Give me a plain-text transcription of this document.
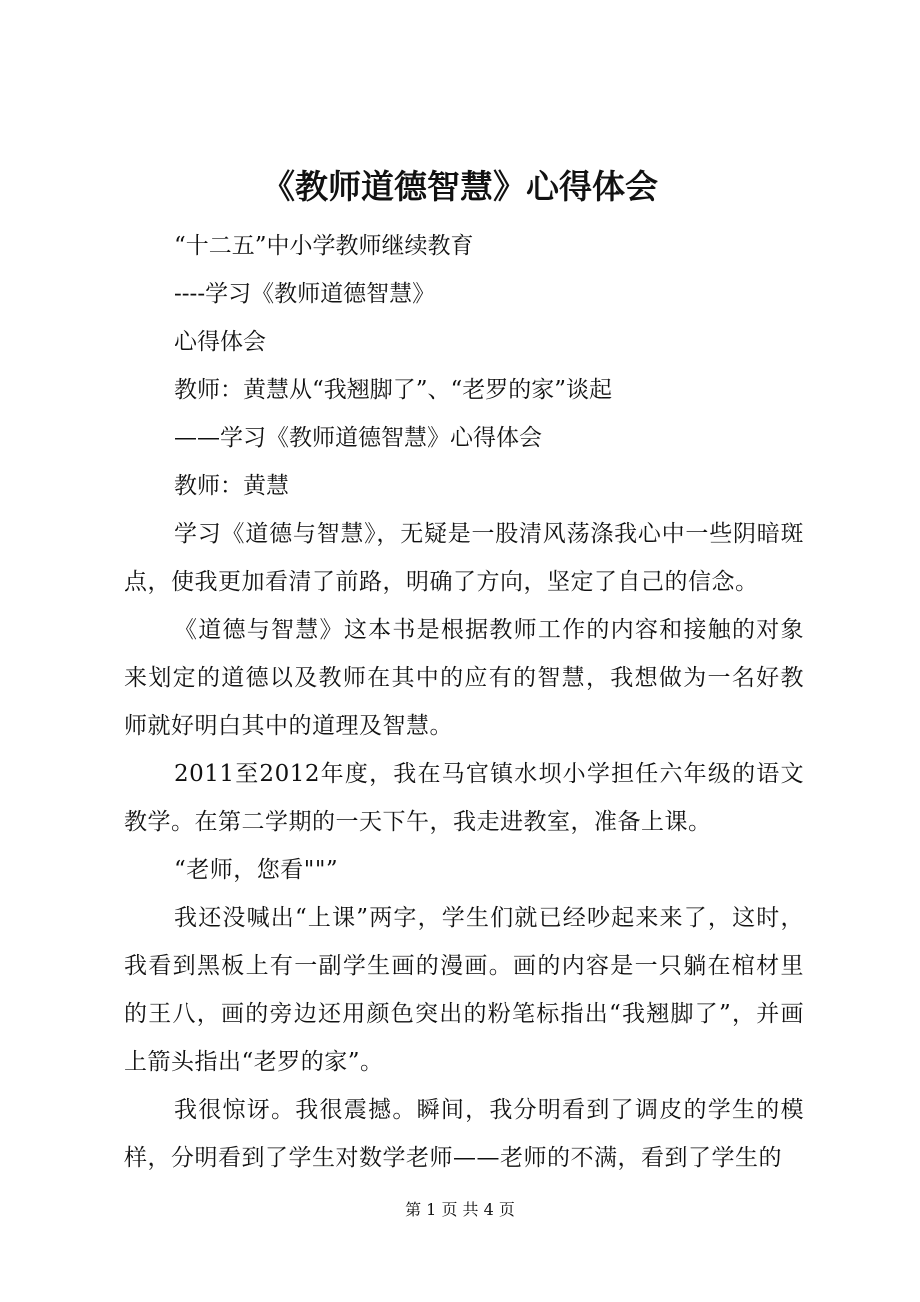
《教师道德智慧》心得体会

“十二五”中小学教师继续教育

----学习《教师道德智慧》

心得体会

教师：黄慧从“我翘脚了”、“老罗的家”谈起

——学习《教师道德智慧》心得体会

教师：黄慧

学习《道德与智慧》，无疑是一股清风荡涤我心中一些阴暗斑点，使我更加看清了前路，明确了方向，坚定了自己的信念。

《道德与智慧》这本书是根据教师工作的内容和接触的对象来划定的道德以及教师在其中的应有的智慧，我想做为一名好教师就好明白其中的道理及智慧。

2011至2012年度，我在马官镇水坝小学担任六年级的语文教学。在第二学期的一天下午，我走进教室，准备上课。

“老师，您看""”

我还没喊出“上课”两字，学生们就已经吵起来来了，这时，我看到黑板上有一副学生画的漫画。画的内容是一只躺在棺材里的王八，画的旁边还用颜色突出的粉笔标指出“我翘脚了”，并画上箭头指出“老罗的家”。

我很惊讶。我很震撼。瞬间，我分明看到了调皮的学生的模样，分明看到了学生对数学老师——老师的不满，看到了学生的

第 1 页 共 4 页
